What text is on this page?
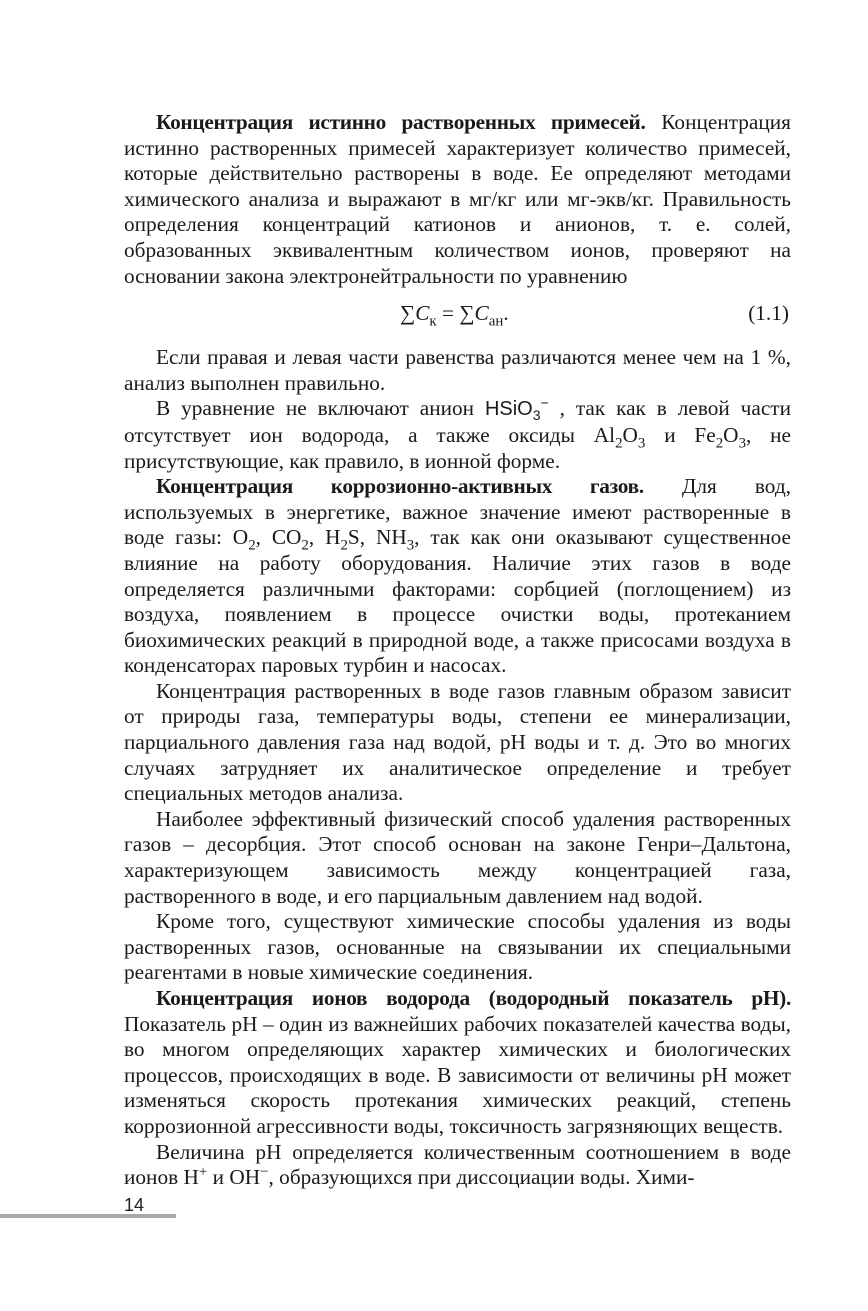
Концентрация истинно растворенных примесей. Концентрация истинно растворенных примесей характеризует количество примесей, которые действительно растворены в воде. Ее определяют методами химического анализа и выражают в мг/кг или мг-экв/кг. Правильность определения концентраций катионов и анионов, т. е. солей, образованных эквивалентным количеством ионов, проверяют на основании закона электронейтральности по уравнению

$\sum C_к = \sum C_{ан}$.	(1.1)

Если правая и левая части равенства различаются менее чем на 1 %, анализ выполнен правильно.

В уравнение не включают анион HSiO$_3$− , так как в левой части отсутствует ион водорода, а также оксиды $Al_2O_3$ и $Fe_2O_3$, не присутствующие, как правило, в ионной форме.

Концентрация коррозионно-активных газов. Для вод, используемых в энергетике, важное значение имеют растворенные в воде газы: $O_2$, $CO_2$, $H_2S$, $NH_3$, так как они оказывают существенное влияние на работу оборудования. Наличие этих газов в воде определяется различными факторами: сорбцией (поглощением) из воздуха, появлением в процессе очистки воды, протеканием биохимических реакций в природной воде, а также присосами воздуха в конденсаторах паровых турбин и насосах.

Концентрация растворенных в воде газов главным образом зависит от природы газа, температуры воды, степени ее минерализации, парциального давления газа над водой, pH воды и т. д. Это во многих случаях затрудняет их аналитическое определение и требует специальных методов анализа.

Наиболее эффективный физический способ удаления растворенных газов – десорбция. Этот способ основан на законе Генри–Дальтона, характеризующем зависимость между концентрацией газа, растворенного в воде, и его парциальным давлением над водой.

Кроме того, существуют химические способы удаления из воды растворенных газов, основанные на связывании их специальными реагентами в новые химические соединения.

Концентрация ионов водорода (водородный показатель pH). Показатель pH – один из важнейших рабочих показателей качества воды, во многом определяющих характер химических и биологических процессов, происходящих в воде. В зависимости от величины pH может изменяться скорость протекания химических реакций, степень коррозионной агрессивности воды, токсичность загрязняющих веществ.

Величина pH определяется количественным соотношением в воде ионов H+ и OH−, образующихся при диссоциации воды. Хими-

14
